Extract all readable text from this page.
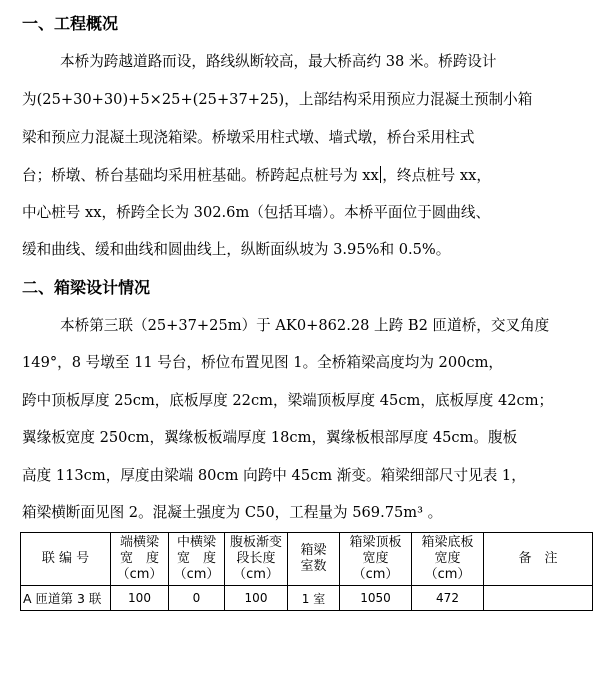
一、工程概况
本桥为跨越道路而设，路线纵断较高，最大桥高约 38 米。桥跨设计
为(25+30+30)+5×25+(25+37+25)，上部结构采用预应力混凝土预制小箱
梁和预应力混凝土现浇箱梁。桥墩采用柱式墩、墙式墩，桥台采用柱式
台；桥墩、桥台基础均采用桩基础。桥跨起点桩号为 xx ，终点桩号 xx，
中心桩号 xx，桥跨全长为 302.6m（包括耳墙）。本桥平面位于圆曲线、
缓和曲线、缓和曲线和圆曲线上，纵断面纵坡为 3.95%和 0.5%。
二、箱梁设计情况
本桥第三联（25+37+25m）于 AK0+862.28 上跨 B2 匝道桥，交叉角度
149°，8 号墩至 11 号台，桥位布置见图 1。全桥箱梁高度均为 200cm，
跨中顶板厚度 25cm，底板厚度 22cm，梁端顶板厚度 45cm，底板厚度 42cm；
翼缘板宽度 250cm，翼缘板板端厚度 18cm，翼缘板根部厚度 45cm。腹板
高度 113cm，厚度由梁端 80cm 向跨中 45cm 渐变。箱梁细部尺寸见表 1，
箱梁横断面见图 2。混凝土强度为 C50，工程量为 569.75m³ 。
联 编 号	端横梁
宽　度
（cm）	中横梁
宽　度
（cm）	腹板渐变
段长度
（cm）	箱梁
室数	箱梁顶板
宽度
（cm）	箱梁底板
宽度
（cm）	备　注

A 匝道第 3 联	100	0	100	1 室	1050	472	
